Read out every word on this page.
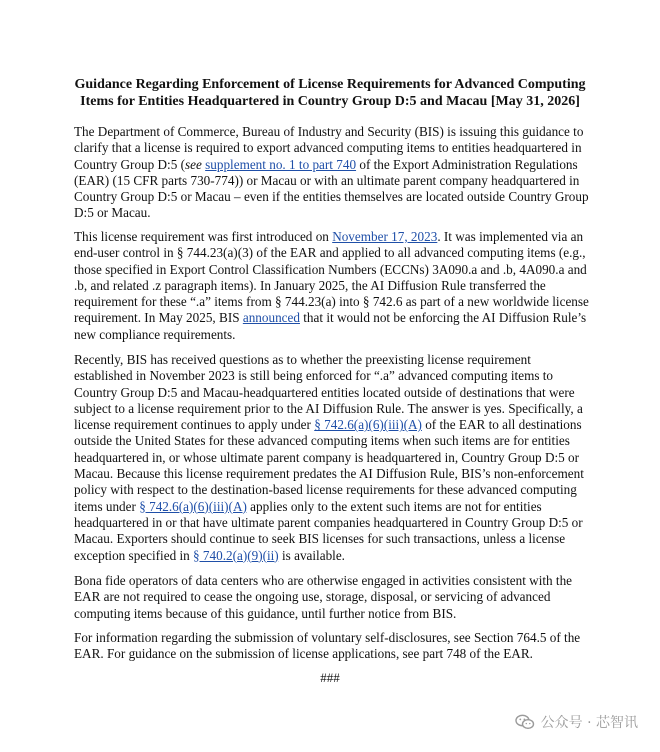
Guidance Regarding Enforcement of License Requirements for Advanced Computing Items for Entities Headquartered in Country Group D:5 and Macau [May 31, 2026]

The Department of Commerce, Bureau of Industry and Security (BIS) is issuing this guidance to clarify that a license is required to export advanced computing items to entities headquartered in Country Group D:5 (see supplement no. 1 to part 740 of the Export Administration Regulations (EAR) (15 CFR parts 730-774)) or Macau or with an ultimate parent company headquartered in Country Group D:5 or Macau – even if the entities themselves are located outside Country Group D:5 or Macau.

This license requirement was first introduced on November 17, 2023. It was implemented via an end-user control in § 744.23(a)(3) of the EAR and applied to all advanced computing items (e.g., those specified in Export Control Classification Numbers (ECCNs) 3A090.a and .b, 4A090.a and .b, and related .z paragraph items). In January 2025, the AI Diffusion Rule transferred the requirement for these “.a” items from § 744.23(a) into § 742.6 as part of a new worldwide license requirement. In May 2025, BIS announced that it would not be enforcing the AI Diffusion Rule’s new compliance requirements.

Recently, BIS has received questions as to whether the preexisting license requirement established in November 2023 is still being enforced for “.a” advanced computing items to Country Group D:5 and Macau-headquartered entities located outside of destinations that were subject to a license requirement prior to the AI Diffusion Rule. The answer is yes. Specifically, a license requirement continues to apply under § 742.6(a)(6)(iii)(A) of the EAR to all destinations outside the United States for these advanced computing items when such items are for entities headquartered in, or whose ultimate parent company is headquartered in, Country Group D:5 or Macau. Because this license requirement predates the AI Diffusion Rule, BIS’s non-enforcement policy with respect to the destination-based license requirements for these advanced computing items under § 742.6(a)(6)(iii)(A) applies only to the extent such items are not for entities headquartered in or that have ultimate parent companies headquartered in Country Group D:5 or Macau. Exporters should continue to seek BIS licenses for such transactions, unless a license exception specified in § 740.2(a)(9)(ii) is available.

Bona fide operators of data centers who are otherwise engaged in activities consistent with the EAR are not required to cease the ongoing use, storage, disposal, or servicing of advanced computing items because of this guidance, until further notice from BIS.

For information regarding the submission of voluntary self-disclosures, see Section 764.5 of the EAR. For guidance on the submission of license applications, see part 748 of the EAR.

###

公众号 · 芯智讯
